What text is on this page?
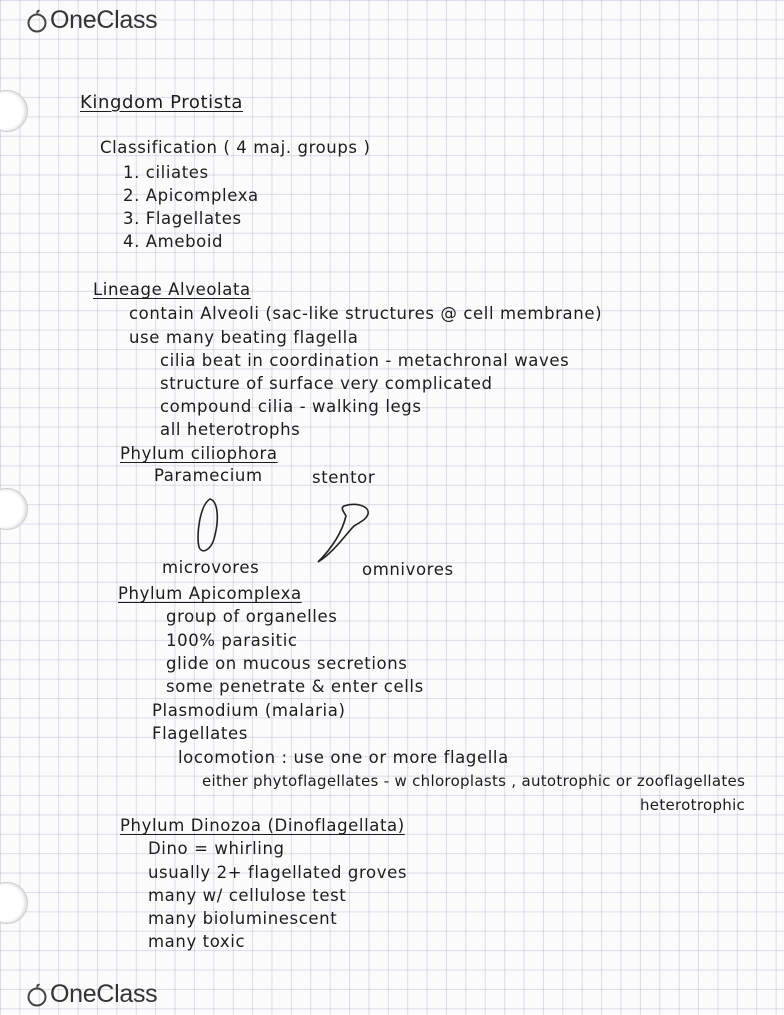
OneClass
Kingdom Protista
Classification ( 4 maj. groups )
1. ciliates
2. Apicomplexa
3. Flagellates
4. Ameboid
Lineage Alveolata
contain Alveoli (sac-like structures @ cell membrane)
use many beating flagella
cilia beat in coordination - metachronal waves
structure of surface very complicated
compound cilia - walking legs
all heterotrophs
Phylum ciliophora
Paramecium	stentor
microvores	omnivores
Phylum Apicomplexa
group of organelles
100% parasitic
glide on mucous secretions
some penetrate & enter cells
Plasmodium (malaria)
Flagellates
locomotion : use one or more flagella
either phytoflagellates - w chloroplasts , autotrophic or zooflagellates
heterotrophic
Phylum Dinozoa (Dinoflagellata)
Dino = whirling
usually 2+ flagellated groves
many w/ cellulose test
many bioluminescent
many toxic
OneClass
